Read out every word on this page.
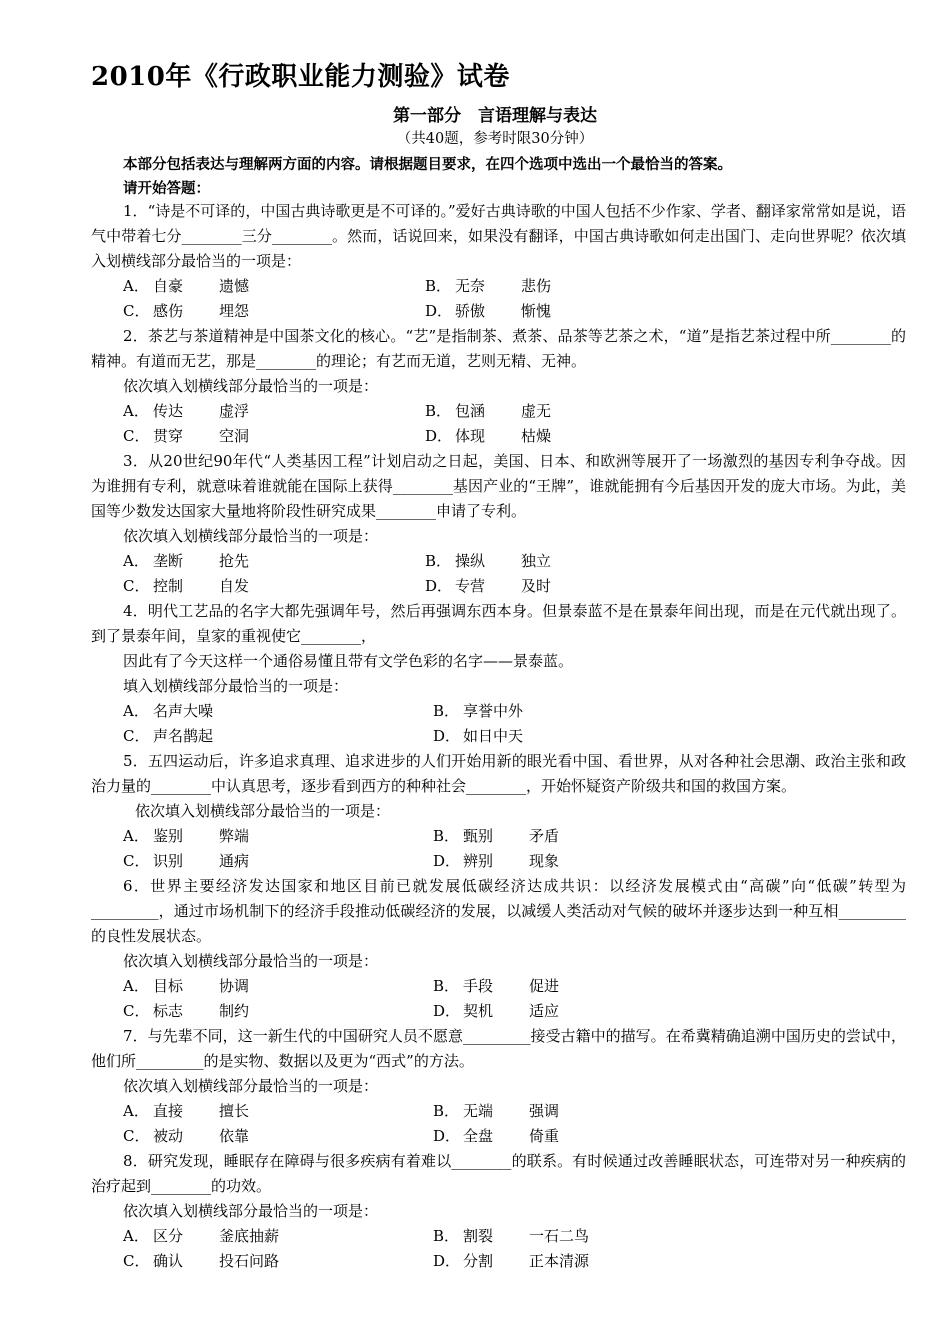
2010年《行政职业能力测验》试卷
第一部分　言语理解与表达
（共40题，参考时限30分钟）
本部分包括表达与理解两方面的内容。请根据题目要求，在四个选项中选出一个最恰当的答案。
请开始答题：
1．“诗是不可译的，中国古典诗歌更是不可译的。”爱好古典诗歌的中国人包括不少作家、学者、翻译家常常如是说，语气中带着七分________三分________。然而，话说回来，如果没有翻译，中国古典诗歌如何走出国门、走向世界呢？依次填入划横线部分最恰当的一项是：
A． 自豪 遗憾	B． 无奈 悲伤
C． 感伤 埋怨	D． 骄傲 惭愧
2．茶艺与茶道精神是中国茶文化的核心。“艺”是指制茶、煮茶、品茶等艺茶之术，“道”是指艺茶过程中所________的精神。有道而无艺，那是________的理论；有艺而无道，艺则无精、无神。
依次填入划横线部分最恰当的一项是：
A． 传达 虚浮	B． 包涵 虚无
C． 贯穿 空洞	D． 体现 枯燥
3．从20世纪90年代“人类基因工程”计划启动之日起，美国、日本、和欧洲等展开了一场激烈的基因专利争夺战。因为谁拥有专利，就意味着谁就能在国际上获得________基因产业的“王牌”，谁就能拥有今后基因开发的庞大市场。为此，美国等少数发达国家大量地将阶段性研究成果________申请了专利。
依次填入划横线部分最恰当的一项是：
A． 垄断 抢先	B． 操纵 独立
C． 控制 自发	D． 专营 及时
4．明代工艺品的名字大都先强调年号，然后再强调东西本身。但景泰蓝不是在景泰年间出现，而是在元代就出现了。到了景泰年间，皇家的重视使它________，
因此有了今天这样一个通俗易懂且带有文学色彩的名字——景泰蓝。
填入划横线部分最恰当的一项是：
A． 名声大噪	B． 享誉中外
C． 声名鹊起	D． 如日中天
5．五四运动后，许多追求真理、追求进步的人们开始用新的眼光看中国、看世界，从对各种社会思潮、政治主张和政治力量的________中认真思考，逐步看到西方的种种社会________，开始怀疑资产阶级共和国的救国方案。
依次填入划横线部分最恰当的一项是：
A． 鉴别 弊端	B． 甄别 矛盾
C． 识别 通病	D． 辨别 现象
6．世界主要经济发达国家和地区目前已就发展低碳经济达成共识：以经济发展模式由“高碳”向“低碳”转型为_________，通过市场机制下的经济手段推动低碳经济的发展，以减缓人类活动对气候的破坏并逐步达到一种互相_________的良性发展状态。
依次填入划横线部分最恰当的一项是：
A． 目标 协调	B． 手段 促进
C． 标志 制约	D． 契机 适应
7．与先辈不同，这一新生代的中国研究人员不愿意_________接受古籍中的描写。在希冀精确追溯中国历史的尝试中，他们所_________的是实物、数据以及更为“西式”的方法。
依次填入划横线部分最恰当的一项是：
A． 直接 擅长	B． 无端 强调
C． 被动 依靠	D． 全盘 倚重
8．研究发现，睡眠存在障碍与很多疾病有着难以________的联系。有时候通过改善睡眠状态，可连带对另一种疾病的治疗起到________的功效。
依次填入划横线部分最恰当的一项是：
A． 区分 釜底抽薪	B． 割裂 一石二鸟
C． 确认 投石问路	D． 分割 正本清源
